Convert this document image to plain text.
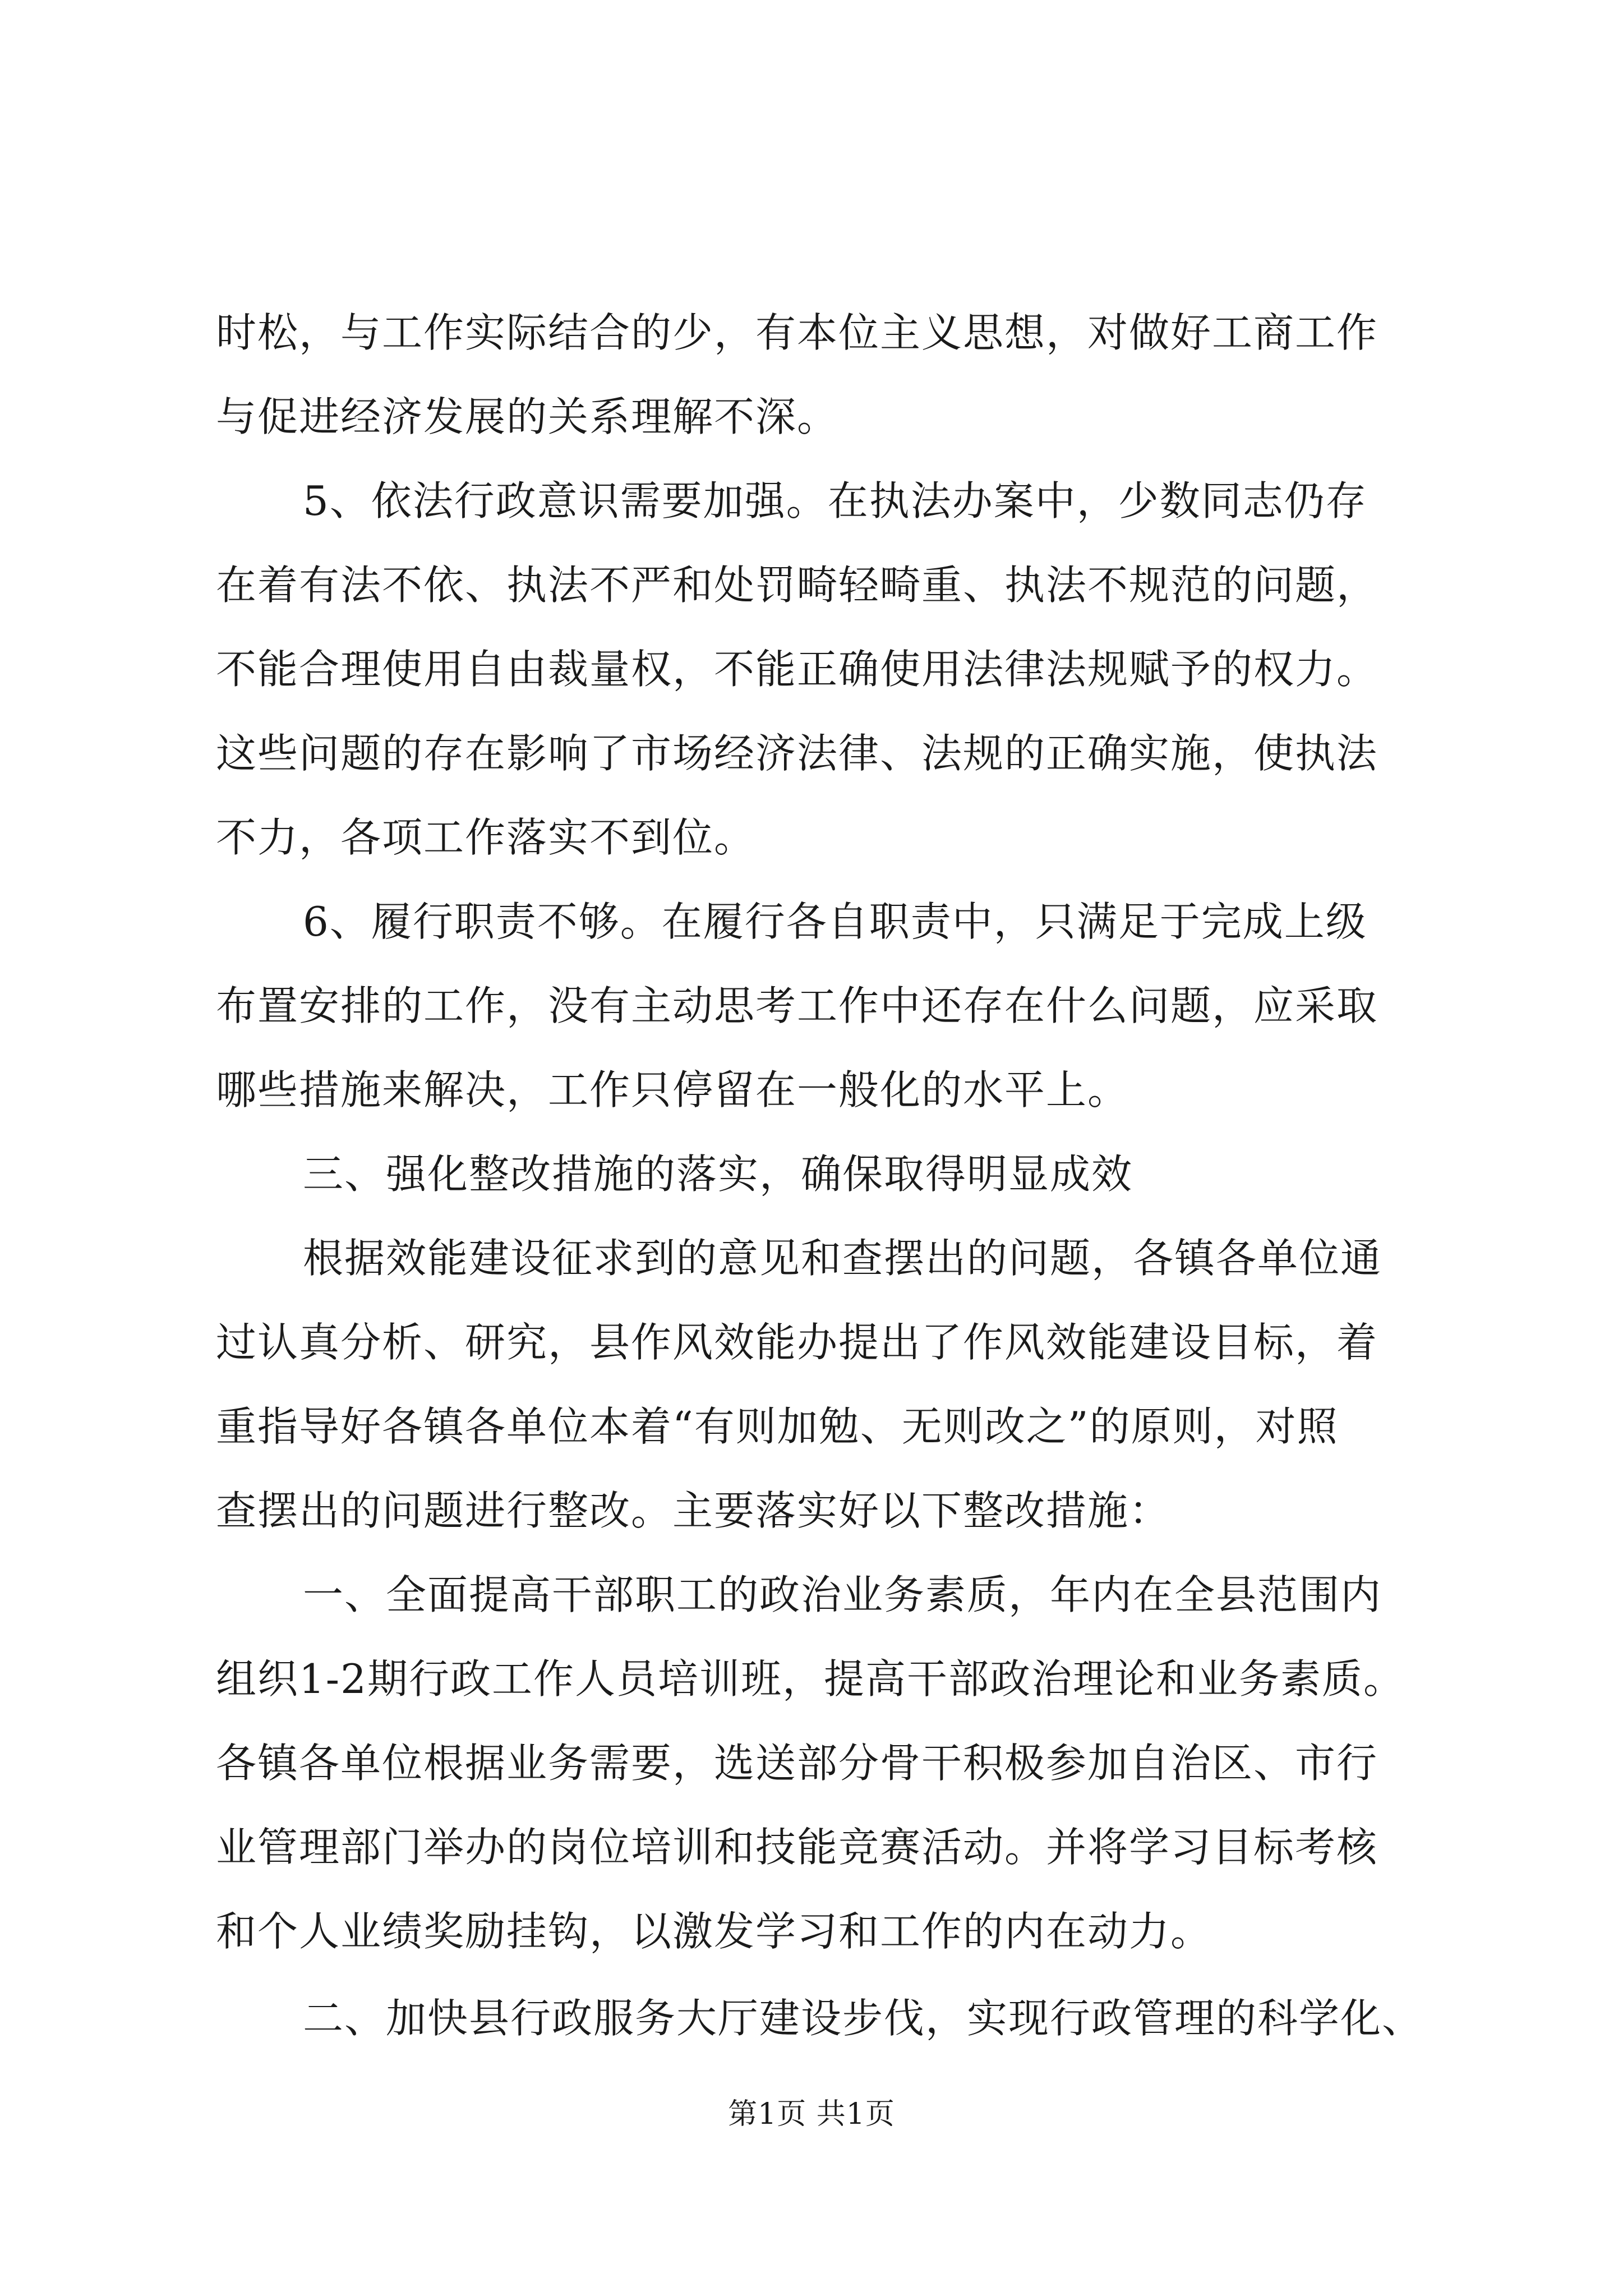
时松，与工作实际结合的少，有本位主义思想，对做好工商工作
与促进经济发展的关系理解不深。
5、依法行政意识需要加强。在执法办案中，少数同志仍存
在着有法不依、执法不严和处罚畸轻畸重、执法不规范的问题，
不能合理使用自由裁量权，不能正确使用法律法规赋予的权力。
这些问题的存在影响了市场经济法律、法规的正确实施，使执法
不力，各项工作落实不到位。
6、履行职责不够。在履行各自职责中，只满足于完成上级
布置安排的工作，没有主动思考工作中还存在什么问题，应采取
哪些措施来解决，工作只停留在一般化的水平上。
三、强化整改措施的落实，确保取得明显成效
根据效能建设征求到的意见和查摆出的问题，各镇各单位通
过认真分析、研究，县作风效能办提出了作风效能建设目标，着
重指导好各镇各单位本着“有则加勉、无则改之”的原则，对照
查摆出的问题进行整改。主要落实好以下整改措施：
一、全面提高干部职工的政治业务素质，年内在全县范围内
组织1-2期行政工作人员培训班，提高干部政治理论和业务素质。
各镇各单位根据业务需要，选送部分骨干积极参加自治区、市行
业管理部门举办的岗位培训和技能竞赛活动。并将学习目标考核
和个人业绩奖励挂钩，以激发学习和工作的内在动力。
二、加快县行政服务大厅建设步伐，实现行政管理的科学化、
第1页 共1页
